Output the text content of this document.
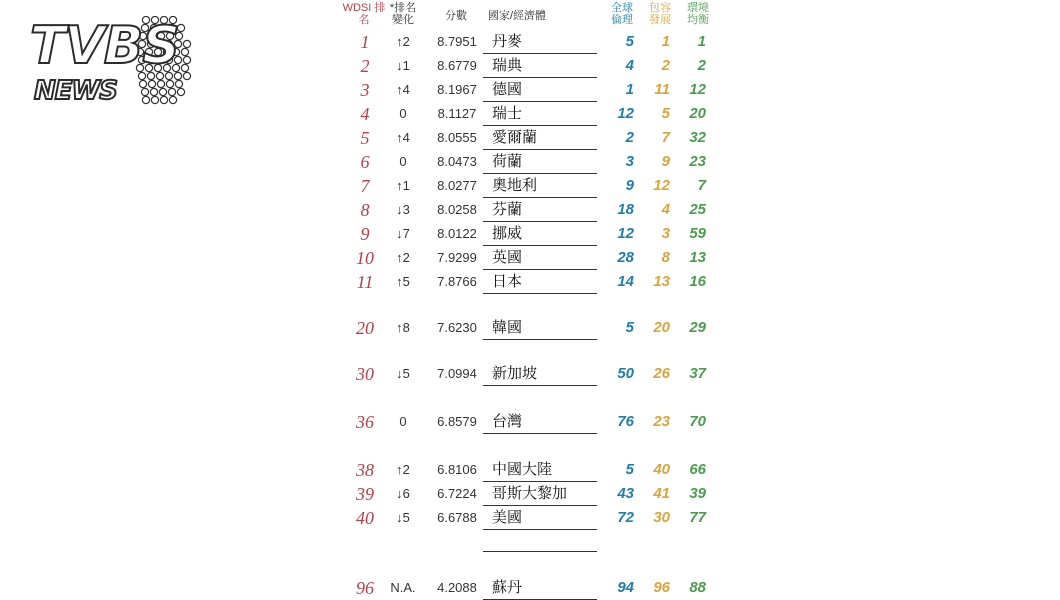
TVBS
NEWS
WDSI 排名
*排名 變化	分數	國家/經濟體
全球 倫理
包容 發展
環境 均衡
1	↑2	8.7951	丹麥	5	1	1
2	↓1	8.6779	瑞典	4	2	2
3	↑4	8.1967	德國	1	11	12
4	0	8.1127	瑞士	12	5	20
5	↑4	8.0555	愛爾蘭	2	7	32
6	0	8.0473	荷蘭	3	9	23
7	↑1	8.0277	奧地利	9	12	7
8	↓3	8.0258	芬蘭	18	4	25
9	↓7	8.0122	挪威	12	3	59
10	↑2	7.9299	英國	28	8	13
11	↑5	7.8766	日本	14	13	16
20	↑8	7.6230	韓國	5	20	29
30	↓5	7.0994	新加坡	50	26	37
36	0	6.8579	台灣	76	23	70
38	↑2	6.8106	中國大陸	5	40	66
39	↓6	6.7224	哥斯大黎加	43	41	39
40	↓5	6.6788	美國	72	30	77
96	N.A.	4.2088	蘇丹	94	96	88
